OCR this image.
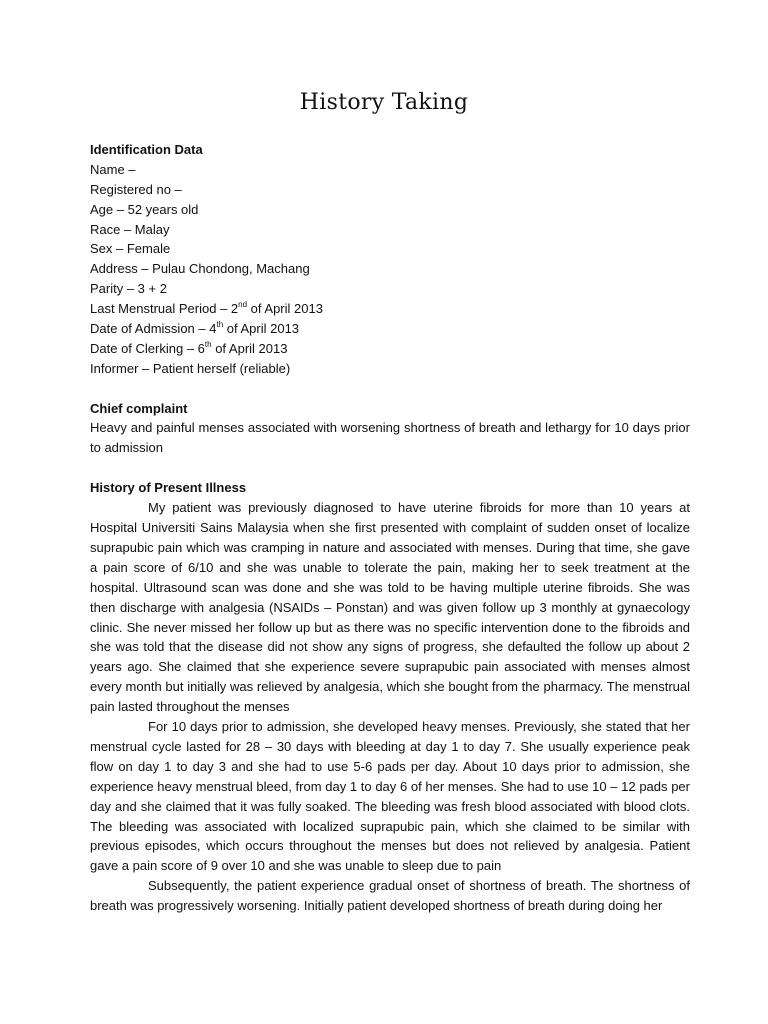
History Taking
Identification Data
Name –
Registered no –
Age – 52 years old
Race – Malay
Sex – Female
Address – Pulau Chondong, Machang
Parity – 3 + 2
Last Menstrual Period – 2nd of April 2013
Date of Admission – 4th of April 2013
Date of Clerking – 6th of April 2013
Informer – Patient herself (reliable)
Chief complaint
Heavy and painful menses associated with worsening shortness of breath and lethargy for 10 days prior to admission
History of Present Illness
My patient was previously diagnosed to have uterine fibroids for more than 10 years at Hospital Universiti Sains Malaysia when she first presented with complaint of sudden onset of localize suprapubic pain which was cramping in nature and associated with menses. During that time, she gave a pain score of 6/10 and she was unable to tolerate the pain, making her to seek treatment at the hospital. Ultrasound scan was done and she was told to be having multiple uterine fibroids. She was then discharge with analgesia (NSAIDs – Ponstan) and was given follow up 3 monthly at gynaecology clinic. She never missed her follow up but as there was no specific intervention done to the fibroids and she was told that the disease did not show any signs of progress, she defaulted the follow up about 2 years ago. She claimed that she experience severe suprapubic pain associated with menses almost every month but initially was relieved by analgesia, which she bought from the pharmacy. The menstrual pain lasted throughout the menses
For 10 days prior to admission, she developed heavy menses. Previously, she stated that her menstrual cycle lasted for 28 – 30 days with bleeding at day 1 to day 7. She usually experience peak flow on day 1 to day 3 and she had to use 5-6 pads per day. About 10 days prior to admission, she experience heavy menstrual bleed, from day 1 to day 6 of her menses. She had to use 10 – 12 pads per day and she claimed that it was fully soaked. The bleeding was fresh blood associated with blood clots. The bleeding was associated with localized suprapubic pain, which she claimed to be similar with previous episodes, which occurs throughout the menses but does not relieved by analgesia. Patient gave a pain score of 9 over 10 and she was unable to sleep due to pain
Subsequently, the patient experience gradual onset of shortness of breath. The shortness of breath was progressively worsening. Initially patient developed shortness of breath during doing her
